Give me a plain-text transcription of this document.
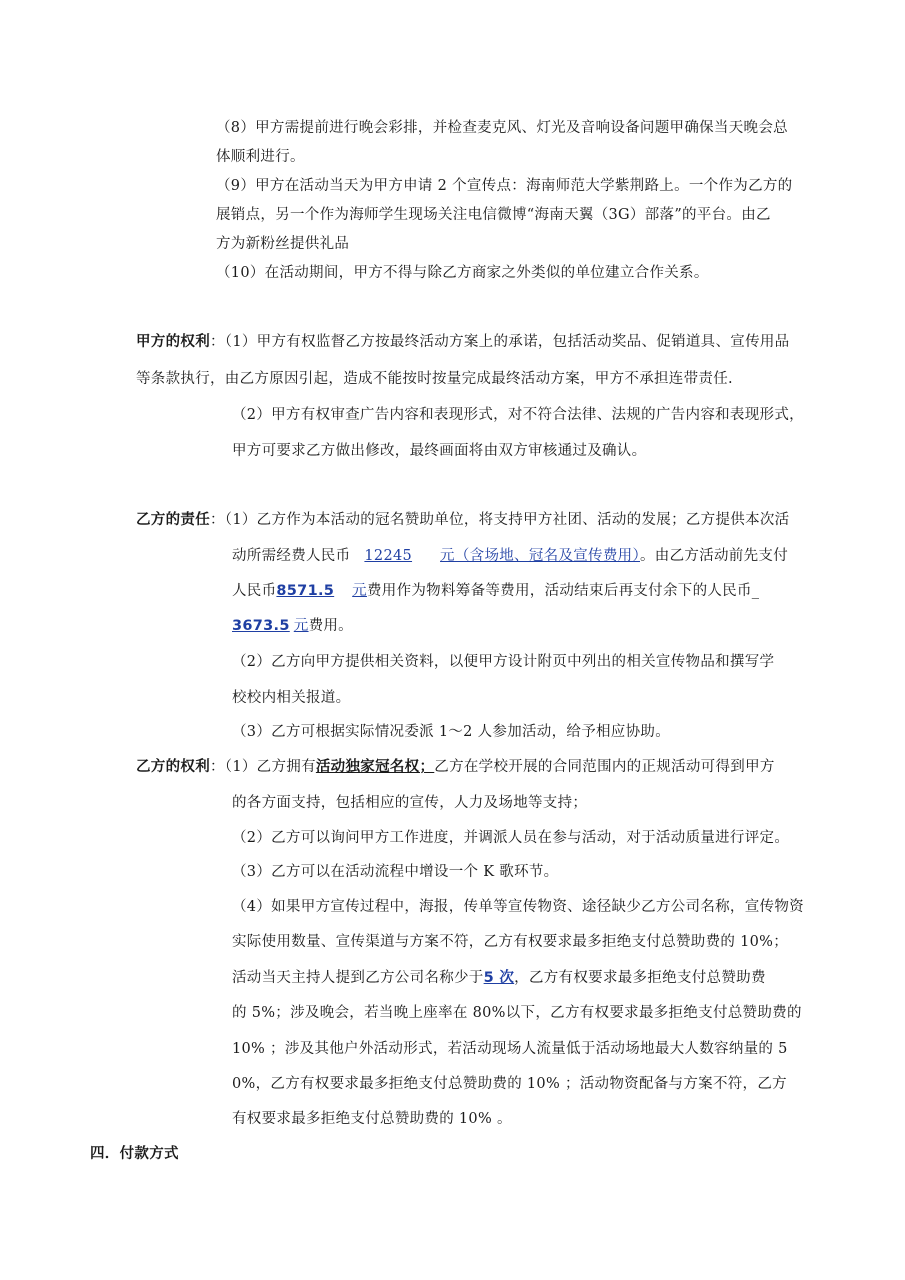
（8）甲方需提前进行晚会彩排，并检查麦克风、灯光及音响设备问题甲确保当天晚会总
体顺利进行。
（9）甲方在活动当天为甲方申请 2 个宣传点：海南师范大学紫荆路上。一个作为乙方的
展销点，另一个作为海师学生现场关注电信微博“海南天翼（3G）部落”的平台。由乙
方为新粉丝提供礼品
（10）在活动期间，甲方不得与除乙方商家之外类似的单位建立合作关系。
甲方的权利：（1）甲方有权监督乙方按最终活动方案上的承诺，包括活动奖品、促销道具、宣传用品
等条款执行，由乙方原因引起，造成不能按时按量完成最终活动方案，甲方不承担连带责任.
（2）甲方有权审查广告内容和表现形式，对不符合法律、法规的广告内容和表现形式，
甲方可要求乙方做出修改，最终画面将由双方审核通过及确认。
乙方的责任：（1）乙方作为本活动的冠名赞助单位，将支持甲方社团、活动的发展；乙方提供本次活
动所需经费人民币 12245 元（含场地、冠名及宣传费用）。由乙方活动前先支付
人民币8571.5 元费用作为物料筹备等费用，活动结束后再支付余下的人民币_
3673.5 元费用。
（2）乙方向甲方提供相关资料，以便甲方设计附页中列出的相关宣传物品和撰写学
校校内相关报道。
（3）乙方可根据实际情况委派 1～2 人参加活动，给予相应协助。
乙方的权利：（1）乙方拥有活动独家冠名权；乙方在学校开展的合同范围内的正规活动可得到甲方
的各方面支持，包括相应的宣传，人力及场地等支持；
（2）乙方可以询问甲方工作进度，并调派人员在参与活动，对于活动质量进行评定。
（3）乙方可以在活动流程中增设一个 K 歌环节。
（4）如果甲方宣传过程中，海报，传单等宣传物资、途径缺少乙方公司名称，宣传物资
实际使用数量、宣传渠道与方案不符，乙方有权要求最多拒绝支付总赞助费的 10%；
活动当天主持人提到乙方公司名称少于5 次，乙方有权要求最多拒绝支付总赞助费
的 5%；涉及晚会，若当晚上座率在 80%以下，乙方有权要求最多拒绝支付总赞助费的
10% ；涉及其他户外活动形式，若活动现场人流量低于活动场地最大人数容纳量的 5
0%，乙方有权要求最多拒绝支付总赞助费的 10% ；活动物资配备与方案不符，乙方
有权要求最多拒绝支付总赞助费的 10% 。
四．付款方式
